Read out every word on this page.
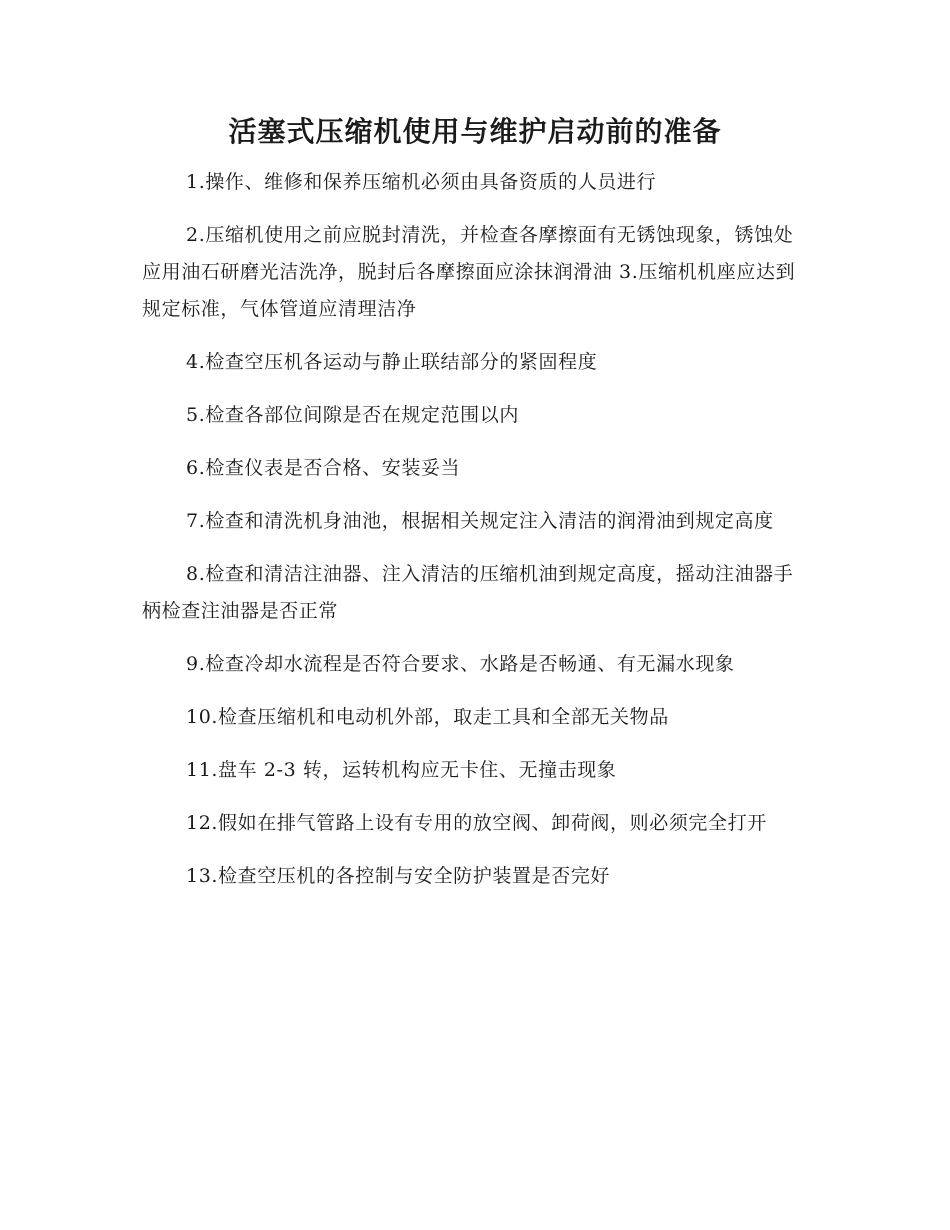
活塞式压缩机使用与维护启动前的准备

1.操作、维修和保养压缩机必须由具备资质的人员进行

2.压缩机使用之前应脱封清洗，并检查各摩擦面有无锈蚀现象，锈蚀处应用油石研磨光洁洗净，脱封后各摩擦面应涂抹润滑油 3.压缩机机座应达到规定标准，气体管道应清理洁净

4.检查空压机各运动与静止联结部分的紧固程度

5.检查各部位间隙是否在规定范围以内

6.检查仪表是否合格、安装妥当

7.检查和清洗机身油池，根据相关规定注入清洁的润滑油到规定高度

8.检查和清洁注油器、注入清洁的压缩机油到规定高度，摇动注油器手柄检查注油器是否正常

9.检查冷却水流程是否符合要求、水路是否畅通、有无漏水现象

10.检查压缩机和电动机外部，取走工具和全部无关物品

11.盘车 2-3 转，运转机构应无卡住、无撞击现象

12.假如在排气管路上设有专用的放空阀、卸荷阀，则必须完全打开

13.检查空压机的各控制与安全防护装置是否完好
